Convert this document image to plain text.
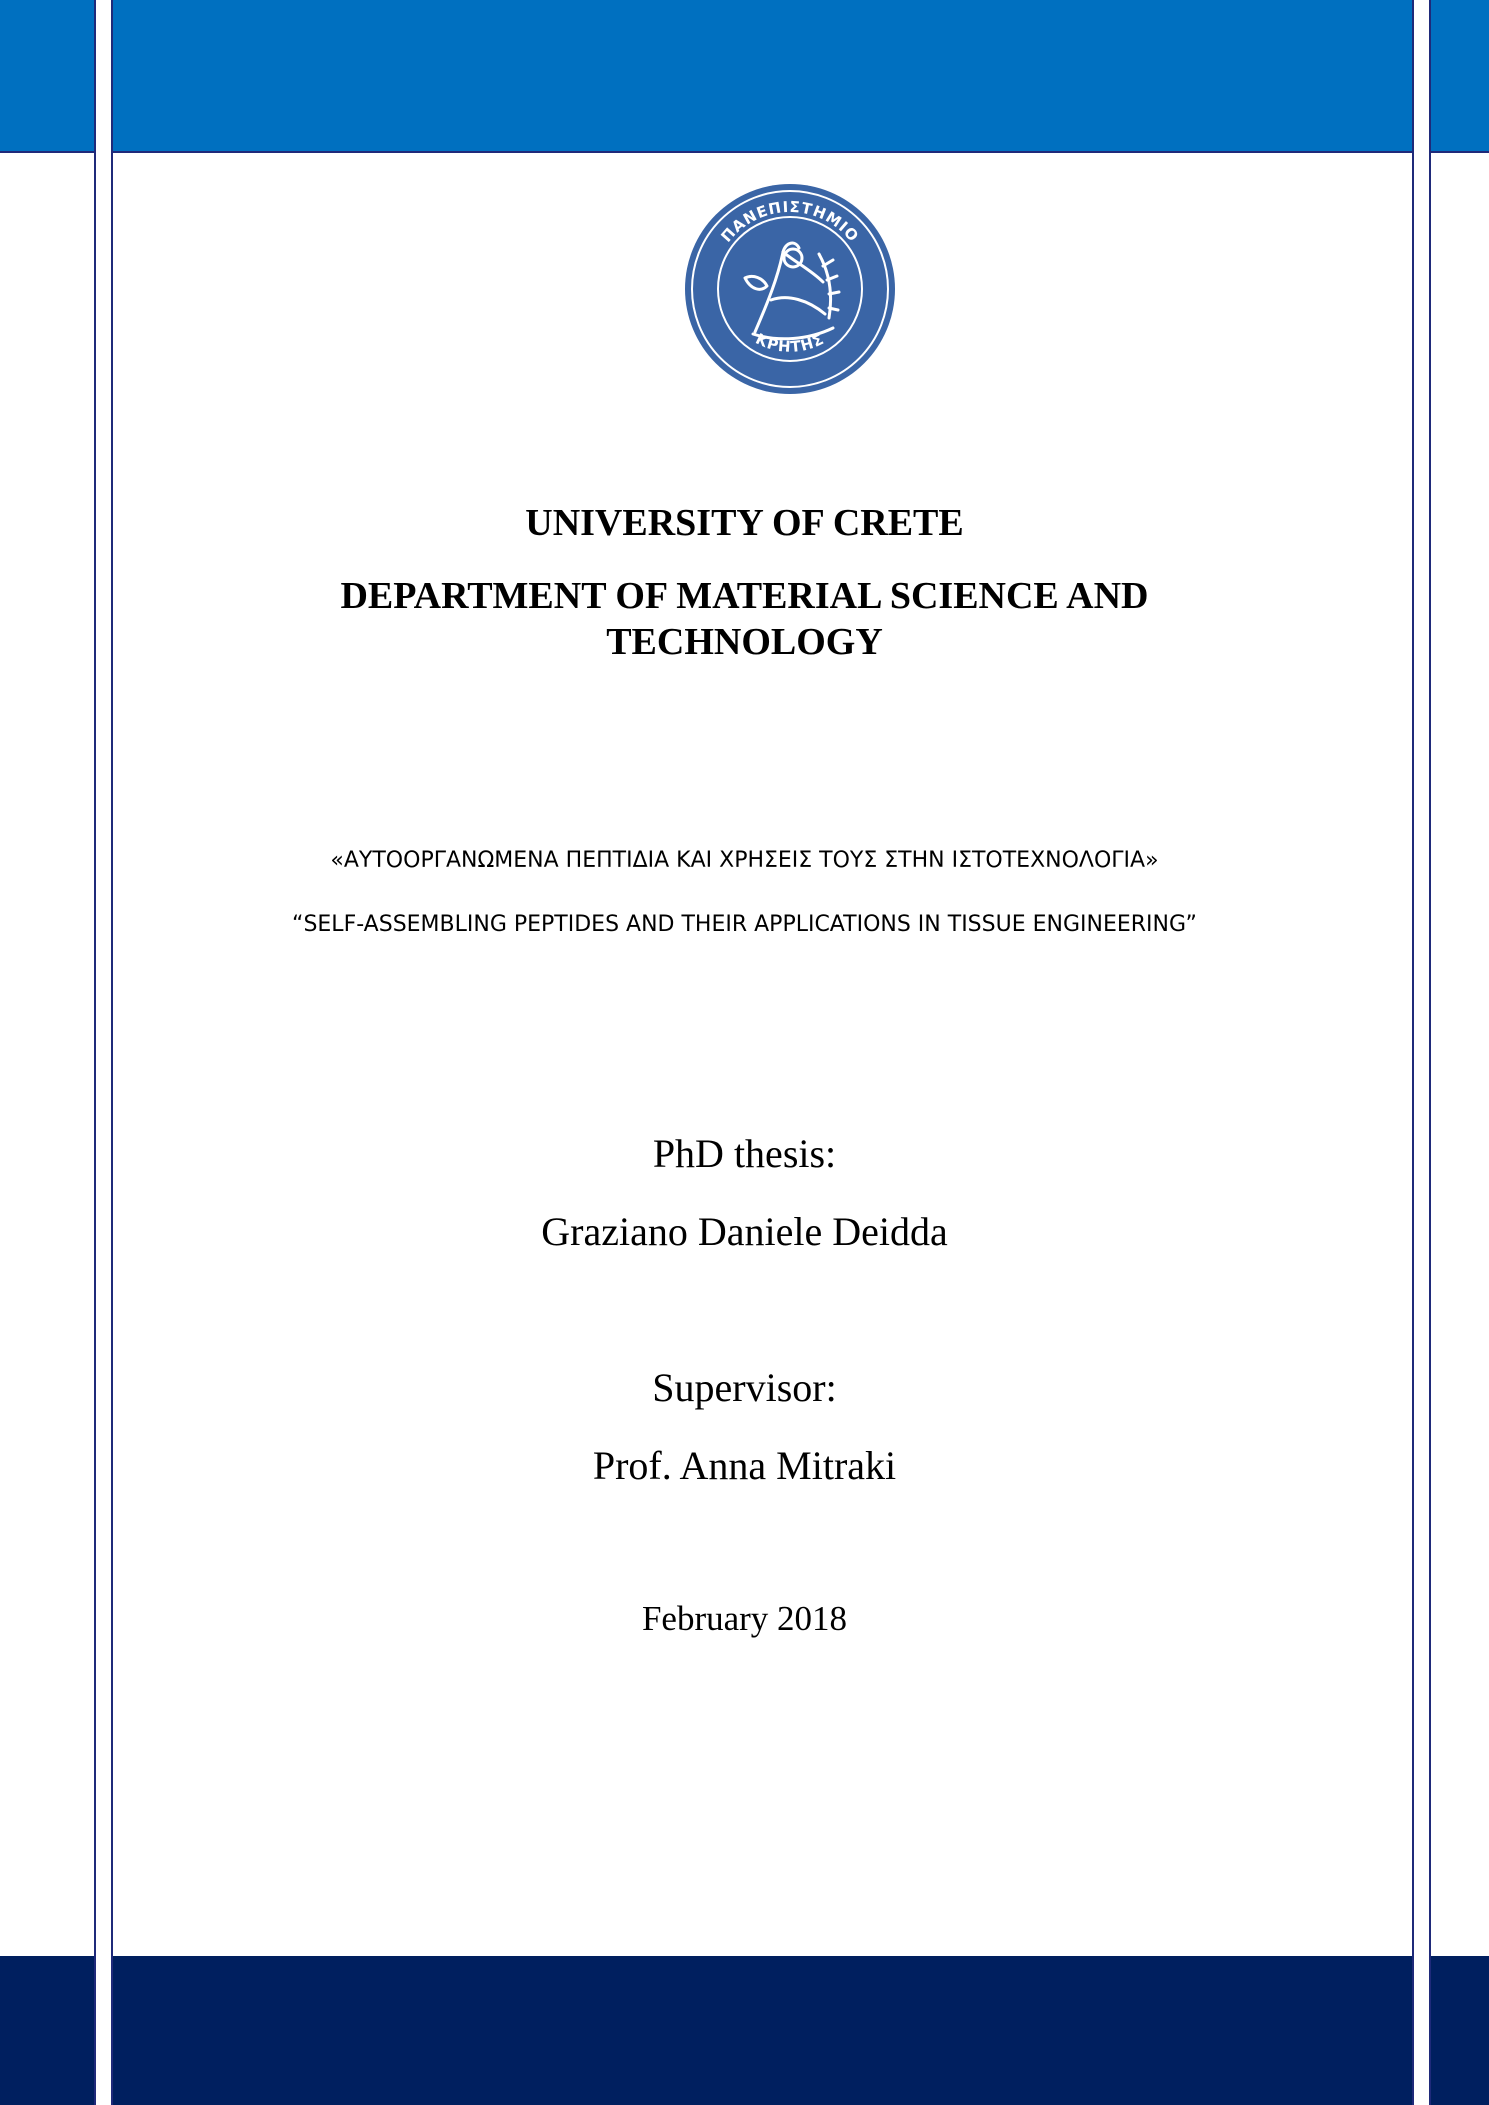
ΠΑΝΕΠΙΣΤΗΜΙΟ
ΚΡΗΤΗΣ
UNIVERSITY OF CRETE
DEPARTMENT OF MATERIAL SCIENCE AND
TECHNOLOGY

«ΑΥΤΟΟΡΓΑΝΩΜΕΝΑ ΠΕΠΤΙΔΙΑ ΚΑΙ ΧΡΗΣΕΙΣ ΤΟΥΣ ΣΤΗΝ ΙΣΤΟΤΕΧΝΟΛΟΓΙΑ»

“SELF-ASSEMBLING PEPTIDES AND THEIR APPLICATIONS IN TISSUE ENGINEERING”

PhD thesis:

Graziano Daniele Deidda

Supervisor:

Prof. Anna Mitraki

February 2018
